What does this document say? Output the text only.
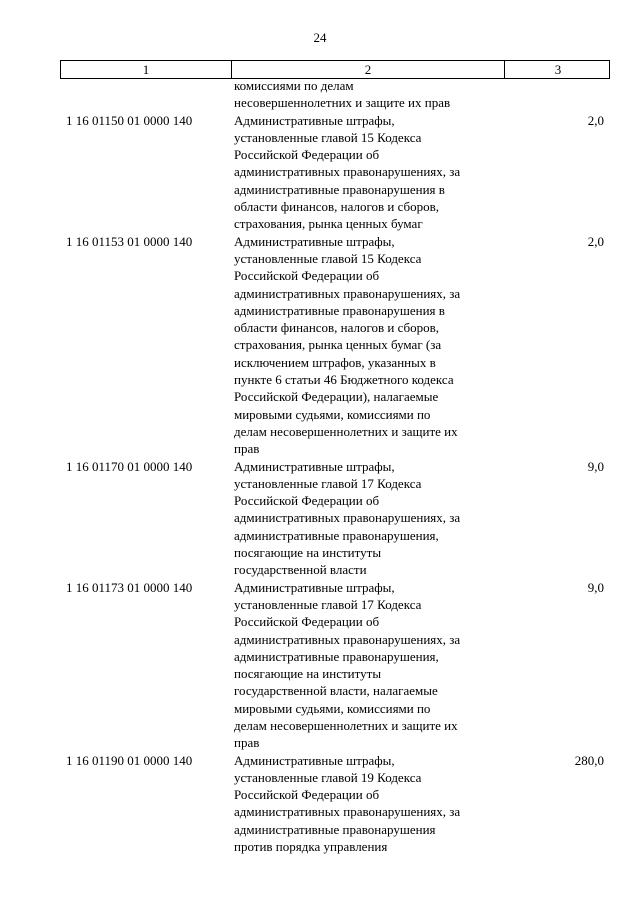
24
1	2	3
комиссиями по делам
несовершеннолетних и защите их прав
1 16 01150 01 0000 140	Административные штрафы,
установленные главой 15 Кодекса
Российской Федерации об
административных правонарушениях, за
административные правонарушения в
области финансов, налогов и сборов,
страхования, рынка ценных бумаг
2,0
1 16 01153 01 0000 140	Административные штрафы,
установленные главой 15 Кодекса
Российской Федерации об
административных правонарушениях, за
административные правонарушения в
области финансов, налогов и сборов,
страхования, рынка ценных бумаг (за
исключением штрафов, указанных в
пункте 6 статьи 46 Бюджетного кодекса
Российской Федерации), налагаемые
мировыми судьями, комиссиями по
делам несовершеннолетних и защите их
прав
2,0
1 16 01170 01 0000 140	Административные штрафы,
установленные главой 17 Кодекса
Российской Федерации об
административных правонарушениях, за
административные правонарушения,
посягающие на институты
государственной власти
9,0
1 16 01173 01 0000 140	Административные штрафы,
установленные главой 17 Кодекса
Российской Федерации об
административных правонарушениях, за
административные правонарушения,
посягающие на институты
государственной власти, налагаемые
мировыми судьями, комиссиями по
делам несовершеннолетних и защите их
прав
9,0
1 16 01190 01 0000 140	Административные штрафы,
установленные главой 19 Кодекса
Российской Федерации об
административных правонарушениях, за
административные правонарушения
против порядка управления
280,0
